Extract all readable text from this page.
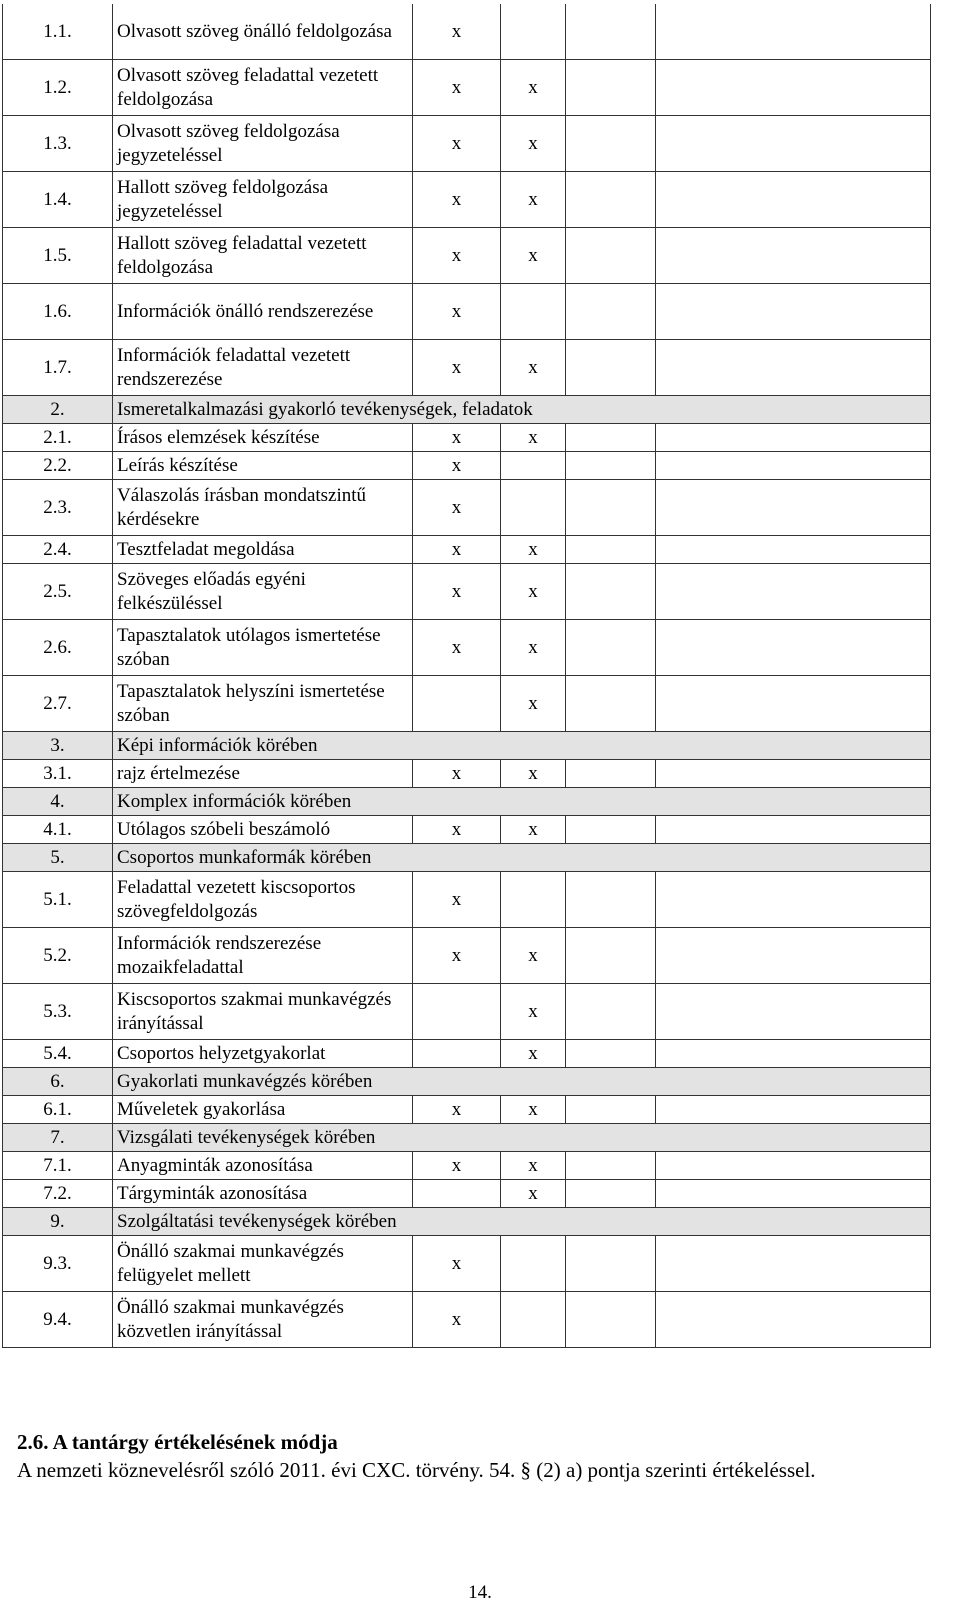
1.1.	Olvasott szöveg önálló feldolgozása	x			
1.2.	Olvasott szöveg feladattal vezetett feldolgozása	x	x		
1.3.	Olvasott szöveg feldolgozása jegyzeteléssel	x	x		
1.4.	Hallott szöveg feldolgozása jegyzeteléssel	x	x		
1.5.	Hallott szöveg feladattal vezetett feldolgozása	x	x		
1.6.	Információk önálló rendszerezése	x			
1.7.	Információk feladattal vezetett rendszerezése	x	x		
2.	Ismeretalkalmazási gyakorló tevékenységek, feladatok				
2.1.	Írásos elemzések készítése	x	x		
2.2.	Leírás készítése	x			
2.3.	Válaszolás írásban mondatszintű kérdésekre	x			
2.4.	Tesztfeladat megoldása	x	x		
2.5.	Szöveges előadás egyéni felkészüléssel	x	x		
2.6.	Tapasztalatok utólagos ismertetése szóban	x	x		
2.7.	Tapasztalatok helyszíni ismertetése szóban		x		
3.	Képi információk körében				
3.1.	rajz értelmezése	x	x		
4.	Komplex információk körében				
4.1.	Utólagos szóbeli beszámoló	x	x		
5.	Csoportos munkaformák körében				
5.1.	Feladattal vezetett kiscsoportos szövegfeldolgozás	x			
5.2.	Információk rendszerezése mozaikfeladattal	x	x		
5.3.	Kiscsoportos szakmai munkavégzés irányítással		x		
5.4.	Csoportos helyzetgyakorlat		x		
6.	Gyakorlati munkavégzés körében				
6.1.	Műveletek gyakorlása	x	x		
7.	Vizsgálati tevékenységek körében				
7.1.	Anyagminták azonosítása	x	x		
7.2.	Tárgyminták azonosítása		x		
9.	Szolgáltatási tevékenységek körében				
9.3.	Önálló szakmai munkavégzés felügyelet mellett	x			
9.4.	Önálló szakmai munkavégzés közvetlen irányítással	x			
2.6. A tantárgy értékelésének módja
A nemzeti köznevelésről szóló 2011. évi CXC. törvény. 54. § (2) a) pontja szerinti értékeléssel.
14.
